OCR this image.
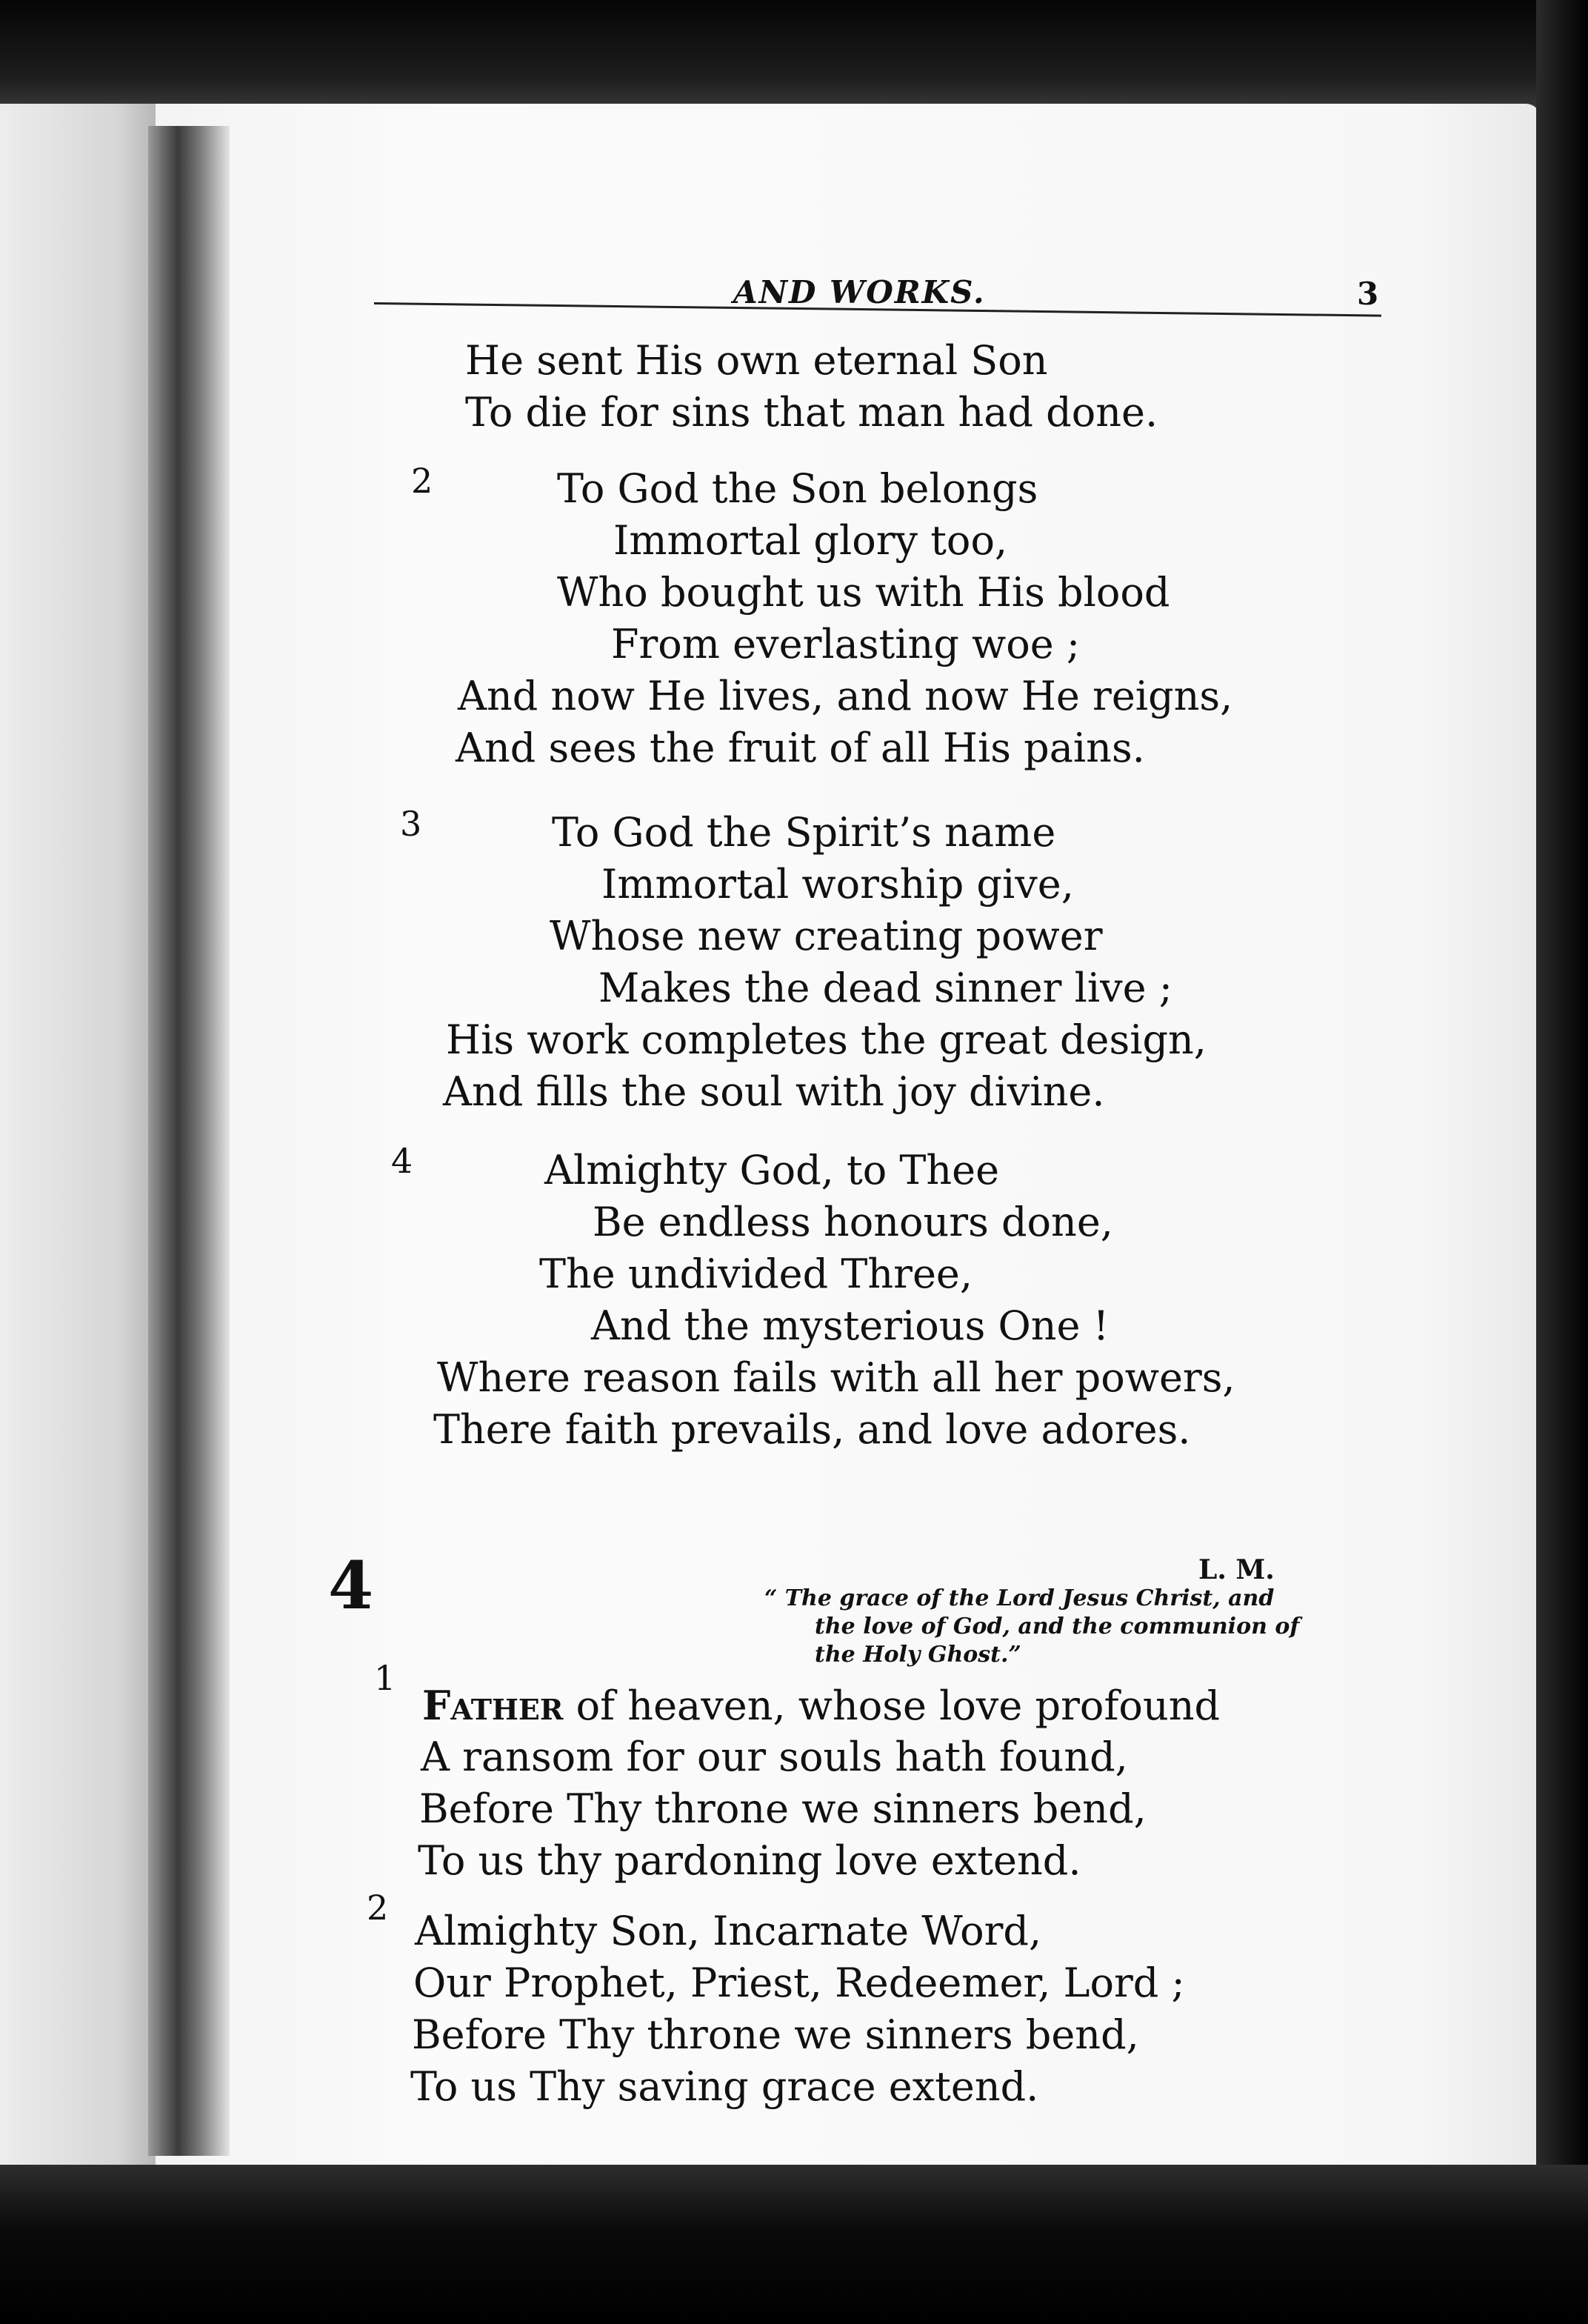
AND WORKS.	3
He sent His own eternal Son
To die for sins that man had done.
2	To God the Son belongs
Immortal glory too,
Who bought us with His blood
From everlasting woe ;
And now He lives, and now He reigns,
And sees the fruit of all His pains.
3	To God the Spirit’s name
Immortal worship give,
Whose new creating power
Makes the dead sinner live ;
His work completes the great design,
And fills the soul with joy divine.
4	Almighty God, to Thee
Be endless honours done,
The undivided Three,
And the mysterious One !
Where reason fails with all her powers,
There faith prevails, and love adores.
4	L. M.
“ The grace of the Lord Jesus Christ, and
the love of God, and the communion of
the Holy Ghost.”
1
Father of heaven, whose love profound
A ransom for our souls hath found,
Before Thy throne we sinners bend,
To us thy pardoning love extend.
2 Almighty Son, Incarnate Word,
Our Prophet, Priest, Redeemer, Lord ;
Before Thy throne we sinners bend,
To us Thy saving grace extend.
